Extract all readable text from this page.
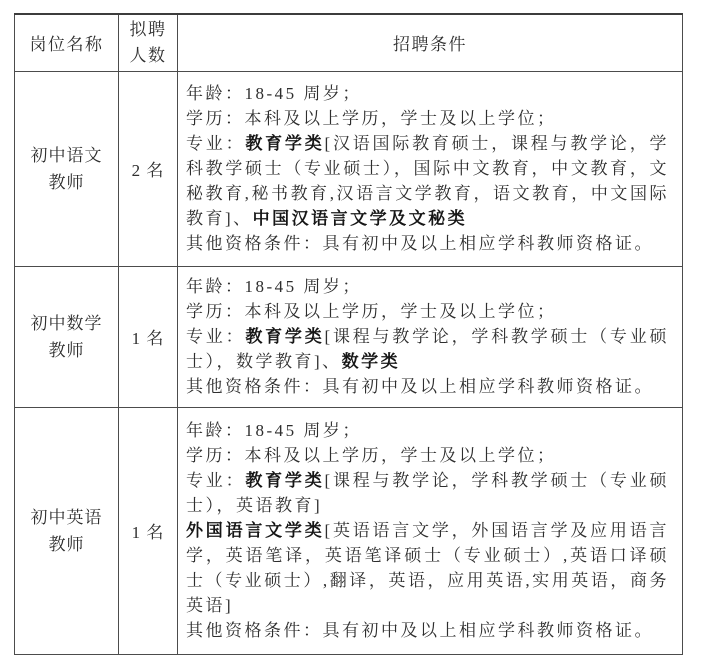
岗位名称	拟聘人数	招聘条件
初中语文教师	2 名	年龄：18-45 周岁；

学历：本科及以上学历，学士及以上学位；

专业：教育学类[汉语国际教育硕士，课程与教学论，学科教学硕士（专业硕士），国际中文教育，中文教育，文秘教育,秘书教育,汉语言文学教育，语文教育，中文国际教育]、中国汉语言文学及文秘类

其他资格条件：具有初中及以上相应学科教师资格证。

初中数学教师	1 名	年龄：18-45 周岁；

学历：本科及以上学历，学士及以上学位；

专业：教育学类[课程与教学论，学科教学硕士（专业硕士），数学教育]、数学类

其他资格条件：具有初中及以上相应学科教师资格证。

初中英语教师	1 名	年龄：18-45 周岁；

学历：本科及以上学历，学士及以上学位；

专业：教育学类[课程与教学论，学科教学硕士（专业硕士），英语教育]

外国语言文学类[英语语言文学，外国语言学及应用语言学，英语笔译，英语笔译硕士（专业硕士）,英语口译硕士（专业硕士）,翻译，英语，应用英语,实用英语，商务英语]

其他资格条件：具有初中及以上相应学科教师资格证。
